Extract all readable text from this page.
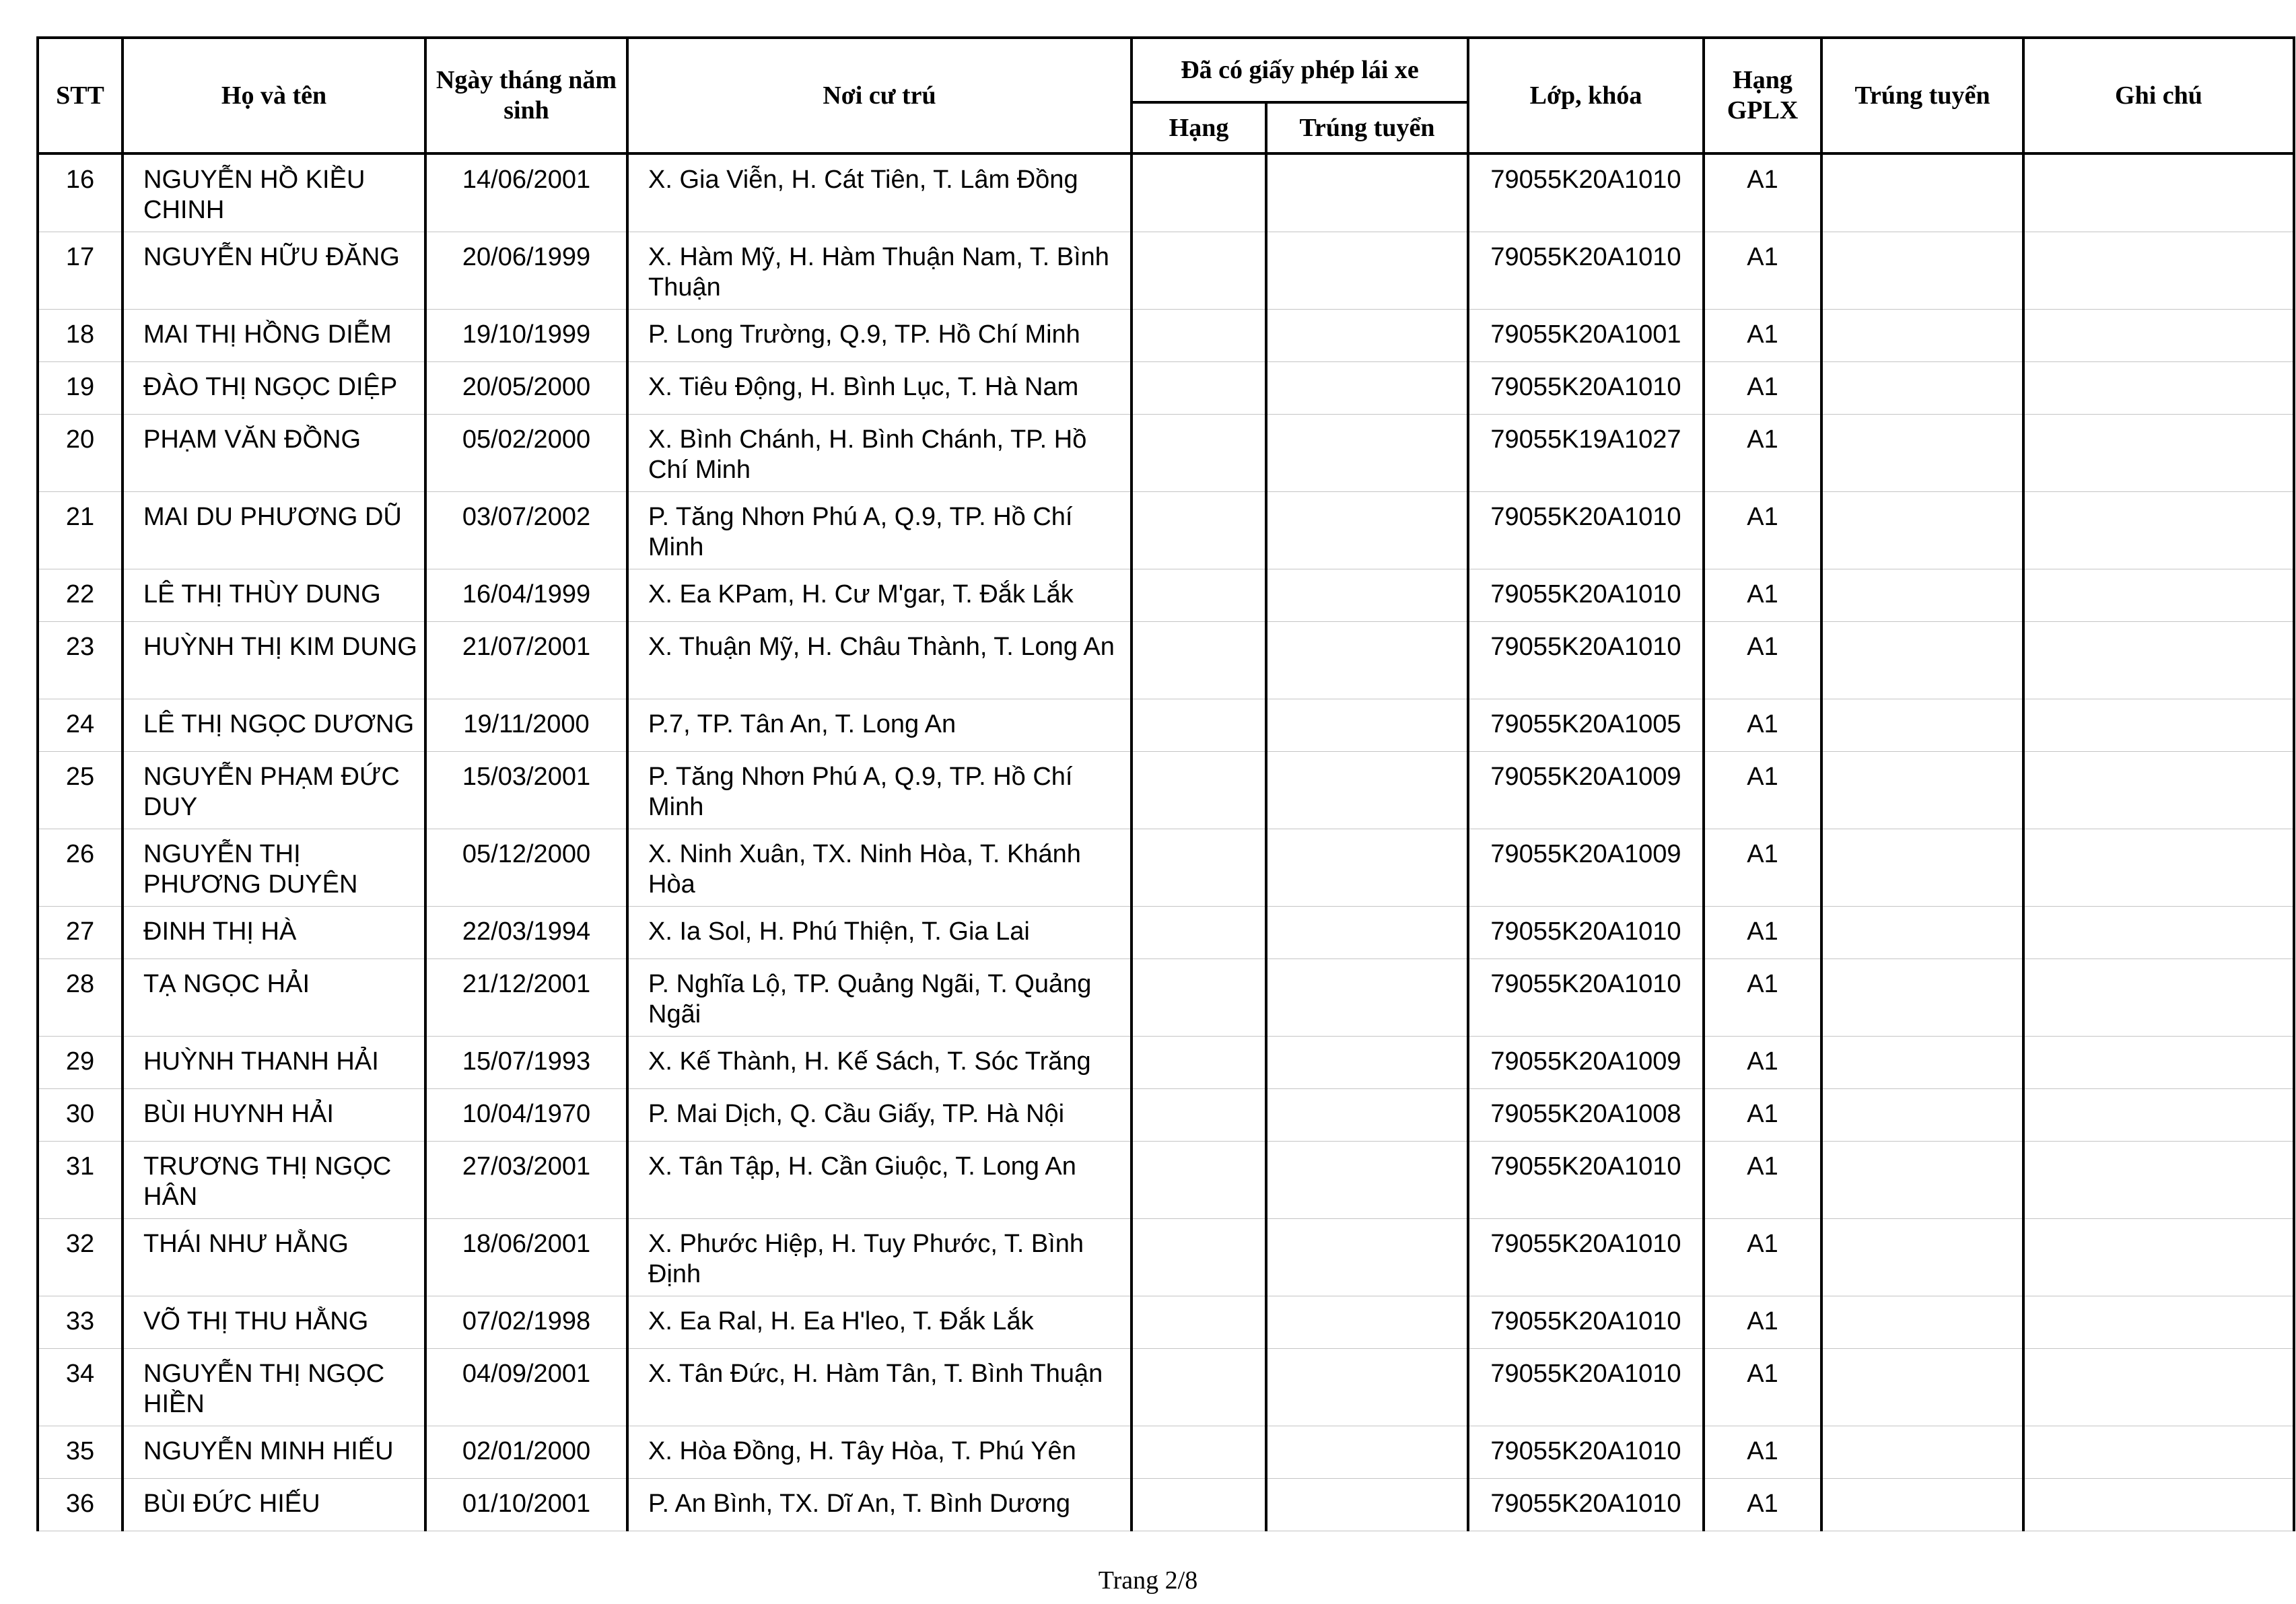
STT	Họ và tên	Ngày tháng năm sinh	Nơi cư trú	Đã có giấy phép lái xe		Lớp, khóa	Hạng GPLX	Trúng tuyển	Ghi chú
				Hạng	Trúng tuyển				
16	NGUYỄN HỒ KIỀU CHINH	14/06/2001	X. Gia Viễn, H. Cát Tiên, T. Lâm Đồng			79055K20A1010	A1		
17	NGUYỄN HỮU ĐĂNG	20/06/1999	X. Hàm Mỹ, H. Hàm Thuận Nam, T. Bình Thuận			79055K20A1010	A1		
18	MAI THỊ HỒNG DIỄM	19/10/1999	P. Long Trường, Q.9, TP. Hồ Chí Minh			79055K20A1001	A1		
19	ĐÀO THỊ NGỌC DIỆP	20/05/2000	X. Tiêu Động, H. Bình Lục, T. Hà Nam			79055K20A1010	A1		
20	PHẠM VĂN ĐỒNG	05/02/2000	X. Bình Chánh, H. Bình Chánh, TP. Hồ Chí Minh			79055K19A1027	A1		
21	MAI DU PHƯƠNG DŨ	03/07/2002	P. Tăng Nhơn Phú A, Q.9, TP. Hồ Chí Minh			79055K20A1010	A1		
22	LÊ THỊ THÙY DUNG	16/04/1999	X. Ea KPam, H. Cư M'gar, T. Đắk Lắk			79055K20A1010	A1		
23	HUỲNH THỊ KIM DUNG	21/07/2001	X. Thuận Mỹ, H. Châu Thành, T. Long An			79055K20A1010	A1		
24	LÊ THỊ NGỌC DƯƠNG	19/11/2000	P.7, TP. Tân An, T. Long An			79055K20A1005	A1		
25	NGUYỄN PHẠM ĐỨC DUY	15/03/2001	P. Tăng Nhơn Phú A, Q.9, TP. Hồ Chí Minh			79055K20A1009	A1		
26	NGUYỄN THỊ PHƯƠNG DUYÊN	05/12/2000	X. Ninh Xuân, TX. Ninh Hòa, T. Khánh Hòa			79055K20A1009	A1		
27	ĐINH THỊ HÀ	22/03/1994	X. Ia Sol, H. Phú Thiện, T. Gia Lai			79055K20A1010	A1		
28	TẠ NGỌC HẢI	21/12/2001	P. Nghĩa Lộ, TP. Quảng Ngãi, T. Quảng Ngãi			79055K20A1010	A1		
29	HUỲNH THANH HẢI	15/07/1993	X. Kế Thành, H. Kế Sách, T. Sóc Trăng			79055K20A1009	A1		
30	BÙI HUYNH HẢI	10/04/1970	P. Mai Dịch, Q. Cầu Giấy, TP. Hà Nội			79055K20A1008	A1		
31	TRƯƠNG THỊ NGỌC HÂN	27/03/2001	X. Tân Tập, H. Cần Giuộc, T. Long An			79055K20A1010	A1		
32	THÁI NHƯ HẰNG	18/06/2001	X. Phước Hiệp, H. Tuy Phước, T. Bình Định			79055K20A1010	A1		
33	VÕ THỊ THU HẰNG	07/02/1998	X. Ea Ral, H. Ea H'leo, T. Đắk Lắk			79055K20A1010	A1		
34	NGUYỄN THỊ NGỌC HIỀN	04/09/2001	X. Tân Đức, H. Hàm Tân, T. Bình Thuận			79055K20A1010	A1		
35	NGUYỄN MINH HIẾU	02/01/2000	X. Hòa Đồng, H. Tây Hòa, T. Phú Yên			79055K20A1010	A1		
36	BÙI ĐỨC HIẾU	01/10/2001	P. An Bình, TX. Dĩ An, T. Bình Dương			79055K20A1010	A1		
Trang 2/8
